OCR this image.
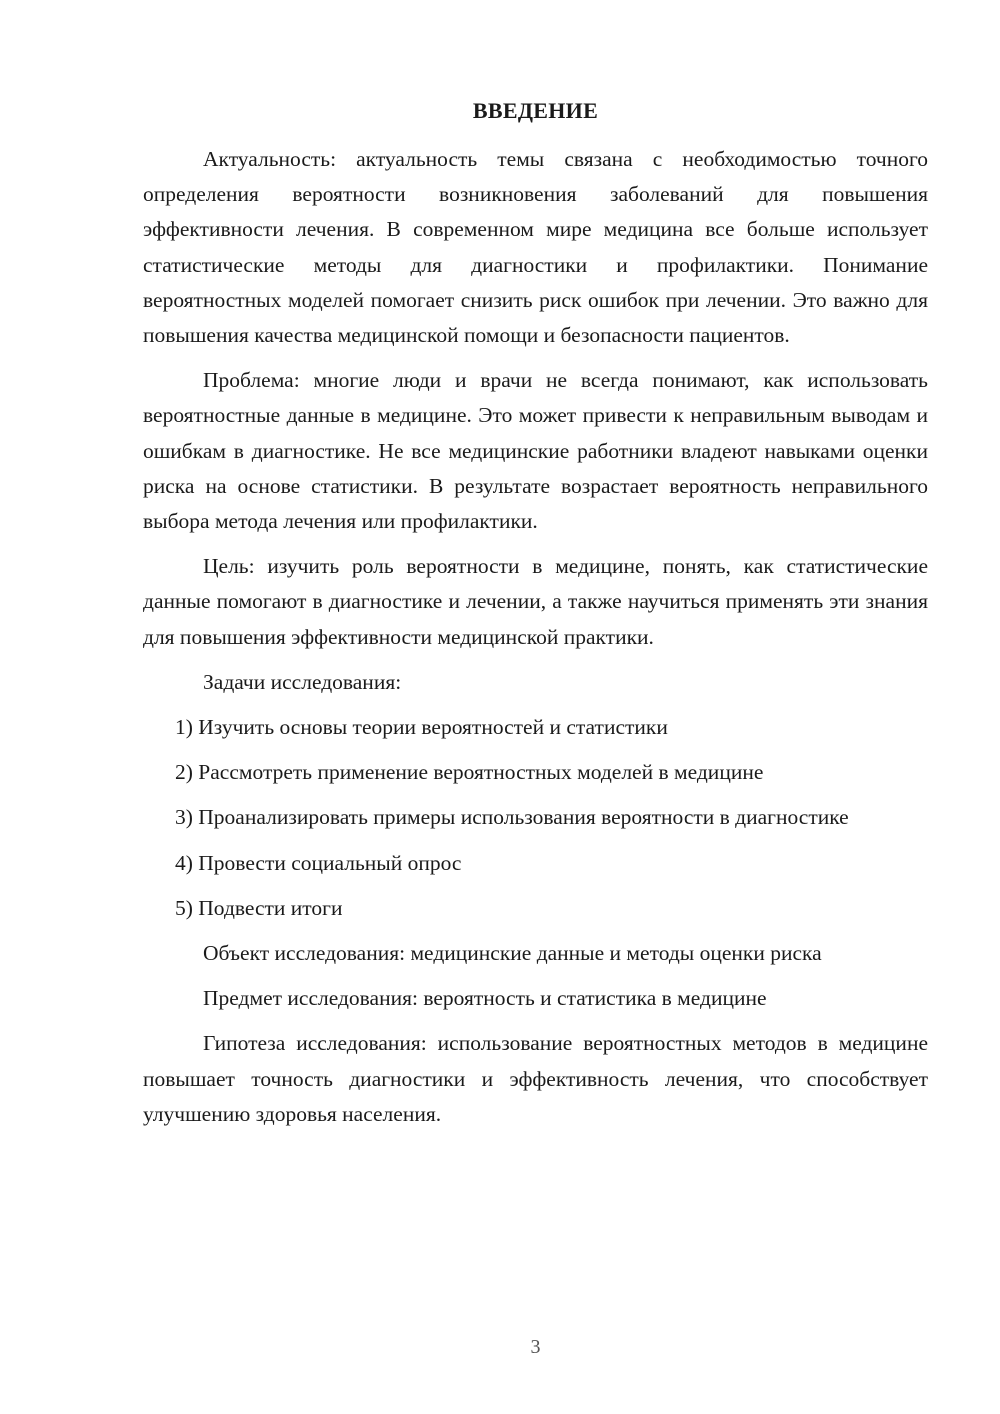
ВВЕДЕНИЕ

Актуальность: актуальность темы связана с необходимостью точного определения вероятности возникновения заболеваний для повышения эффективности лечения. В современном мире медицина все больше использует статистические методы для диагностики и профилактики. Понимание вероятностных моделей помогает снизить риск ошибок при лечении. Это важно для повышения качества медицинской помощи и безопасности пациентов.

Проблема: многие люди и врачи не всегда понимают, как использовать вероятностные данные в медицине. Это может привести к неправильным выводам и ошибкам в диагностике. Не все медицинские работники владеют навыками оценки риска на основе статистики. В результате возрастает вероятность неправильного выбора метода лечения или профилактики.

Цель: изучить роль вероятности в медицине, понять, как статистические данные помогают в диагностике и лечении, а также научиться применять эти знания для повышения эффективности медицинской практики.

Задачи исследования:

1) Изучить основы теории вероятностей и статистики

2) Рассмотреть применение вероятностных моделей в медицине

3) Проанализировать примеры использования вероятности в диагностике

4) Провести социальный опрос

5) Подвести итоги

Объект исследования: медицинские данные и методы оценки риска

Предмет исследования: вероятность и статистика в медицине

Гипотеза исследования: использование вероятностных методов в медицине повышает точность диагностики и эффективность лечения, что способствует улучшению здоровья населения.

3
